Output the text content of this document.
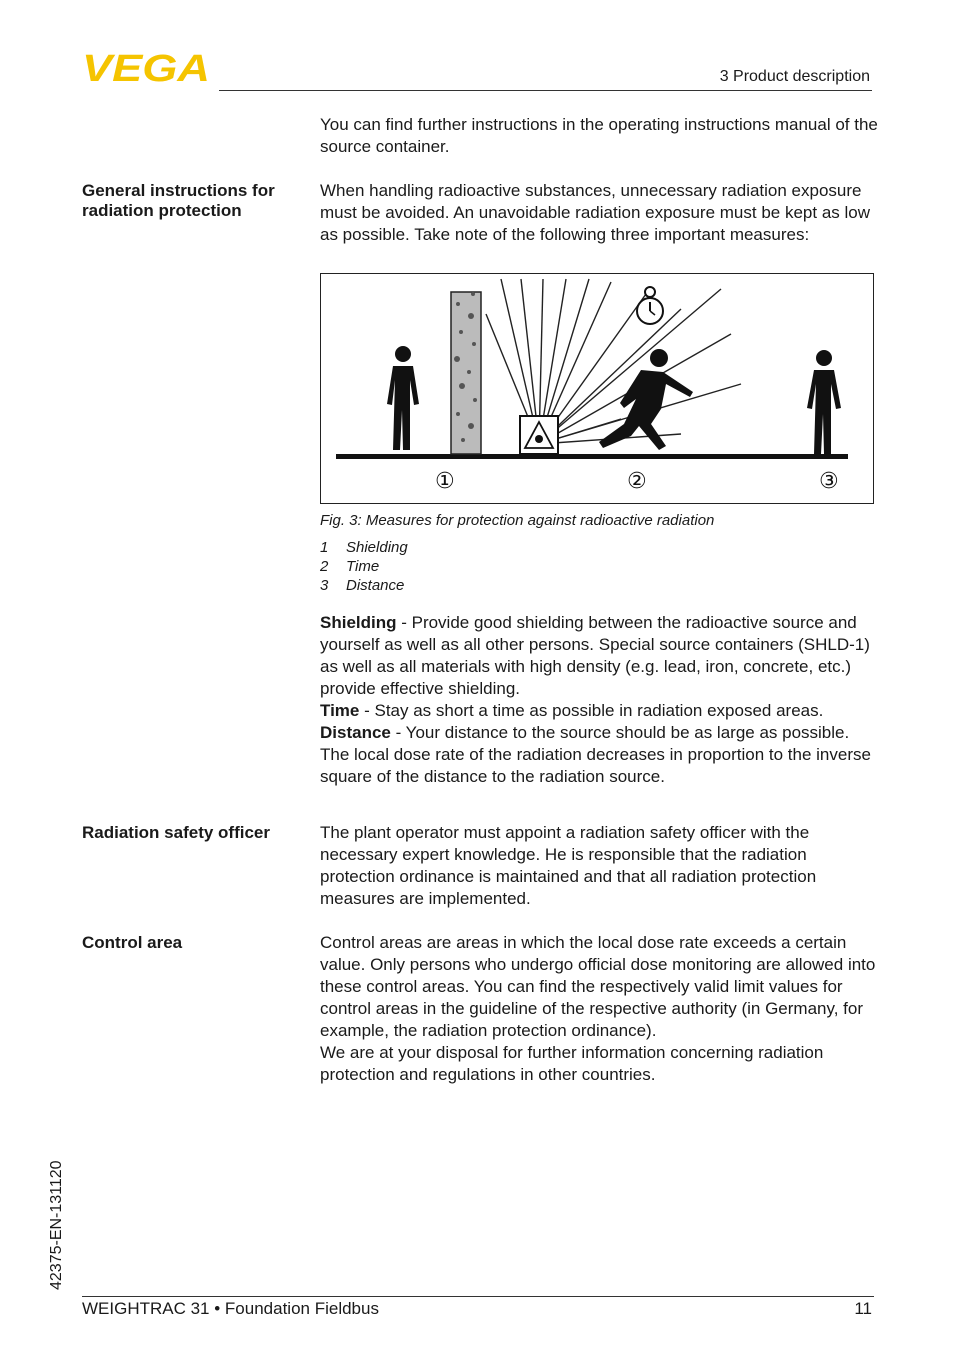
VEGA	3 Product description
You can find further instructions in the operating instructions manual of the source container.
General instructions for radiation protection
When handling radioactive substances, unnecessary radiation exposure must be avoided. An unavoidable radiation exposure must be kept as low as possible. Take note of the following three important measures:
①	②	③
Fig. 3: Measures for protection against radioactive radiation
1 Shielding
2 Time
3 Distance

Shielding - Provide good shielding between the radioactive source and yourself as well as all other persons. Special source containers (SHLD-1) as well as all materials with high density (e.g. lead, iron, concrete, etc.) provide effective shielding.

Time - Stay as short a time as possible in radiation exposed areas.

Distance - Your distance to the source should be as large as possible. The local dose rate of the radiation decreases in proportion to the inverse square of the distance to the radiation source.

Radiation safety officer	The plant operator must appoint a radiation safety officer with the necessary expert knowledge. He is responsible that the radiation protection ordinance is maintained and that all radiation protection measures are implemented.
Control area	Control areas are areas in which the local dose rate exceeds a certain value. Only persons who undergo official dose monitoring are allowed into these control areas. You can find the respectively valid limit values for control areas in the guideline of the respective authority (in Germany, for example, the radiation protection ordinance).

We are at your disposal for further information concerning radiation protection and regulations in other countries.

42375-EN-131120
WEIGHTRAC 31 • Foundation Fieldbus	11
